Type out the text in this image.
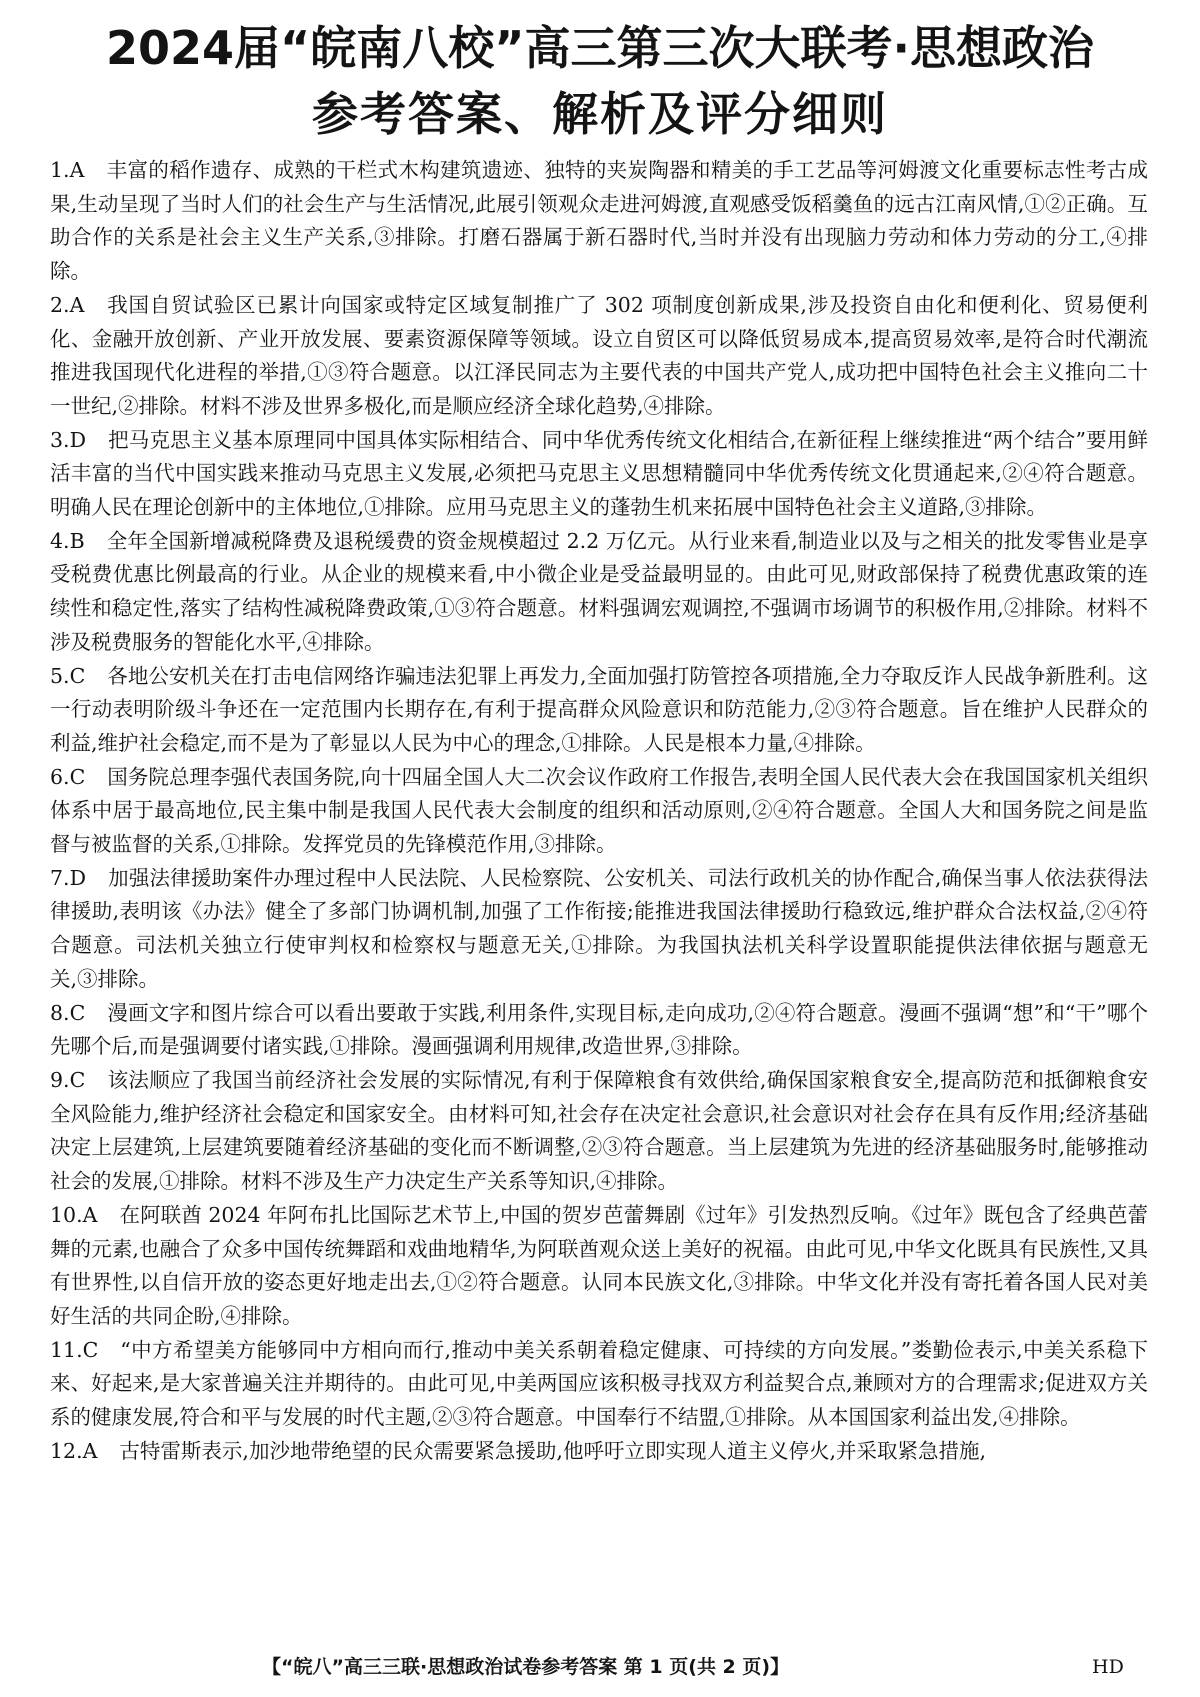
2024届“皖南八校”高三第三次大联考·思想政治
参考答案、解析及评分细则

1.A 丰富的稻作遗存、成熟的干栏式木构建筑遗迹、独特的夹炭陶器和精美的手工艺品等河姆渡文化重要标志性考古成果,生动呈现了当时人们的社会生产与生活情况,此展引领观众走进河姆渡,直观感受饭稻羹鱼的远古江南风情,①②正确。互助合作的关系是社会主义生产关系,③排除。打磨石器属于新石器时代,当时并没有出现脑力劳动和体力劳动的分工,④排除。

2.A 我国自贸试验区已累计向国家或特定区域复制推广了 302 项制度创新成果,涉及投资自由化和便利化、贸易便利化、金融开放创新、产业开放发展、要素资源保障等领域。设立自贸区可以降低贸易成本,提高贸易效率,是符合时代潮流推进我国现代化进程的举措,①③符合题意。以江泽民同志为主要代表的中国共产党人,成功把中国特色社会主义推向二十一世纪,②排除。材料不涉及世界多极化,而是顺应经济全球化趋势,④排除。

3.D 把马克思主义基本原理同中国具体实际相结合、同中华优秀传统文化相结合,在新征程上继续推进“两个结合”要用鲜活丰富的当代中国实践来推动马克思主义发展,必须把马克思主义思想精髓同中华优秀传统文化贯通起来,②④符合题意。明确人民在理论创新中的主体地位,①排除。应用马克思主义的蓬勃生机来拓展中国特色社会主义道路,③排除。

4.B 全年全国新增减税降费及退税缓费的资金规模超过 2.2 万亿元。从行业来看,制造业以及与之相关的批发零售业是享受税费优惠比例最高的行业。从企业的规模来看,中小微企业是受益最明显的。由此可见,财政部保持了税费优惠政策的连续性和稳定性,落实了结构性减税降费政策,①③符合题意。材料强调宏观调控,不强调市场调节的积极作用,②排除。材料不涉及税费服务的智能化水平,④排除。

5.C 各地公安机关在打击电信网络诈骗违法犯罪上再发力,全面加强打防管控各项措施,全力夺取反诈人民战争新胜利。这一行动表明阶级斗争还在一定范围内长期存在,有利于提高群众风险意识和防范能力,②③符合题意。旨在维护人民群众的利益,维护社会稳定,而不是为了彰显以人民为中心的理念,①排除。人民是根本力量,④排除。

6.C 国务院总理李强代表国务院,向十四届全国人大二次会议作政府工作报告,表明全国人民代表大会在我国国家机关组织体系中居于最高地位,民主集中制是我国人民代表大会制度的组织和活动原则,②④符合题意。全国人大和国务院之间是监督与被监督的关系,①排除。发挥党员的先锋模范作用,③排除。

7.D 加强法律援助案件办理过程中人民法院、人民检察院、公安机关、司法行政机关的协作配合,确保当事人依法获得法律援助,表明该《办法》健全了多部门协调机制,加强了工作衔接;能推进我国法律援助行稳致远,维护群众合法权益,②④符合题意。司法机关独立行使审判权和检察权与题意无关,①排除。为我国执法机关科学设置职能提供法律依据与题意无关,③排除。

8.C 漫画文字和图片综合可以看出要敢于实践,利用条件,实现目标,走向成功,②④符合题意。漫画不强调“想”和“干”哪个先哪个后,而是强调要付诸实践,①排除。漫画强调利用规律,改造世界,③排除。

9.C 该法顺应了我国当前经济社会发展的实际情况,有利于保障粮食有效供给,确保国家粮食安全,提高防范和抵御粮食安全风险能力,维护经济社会稳定和国家安全。由材料可知,社会存在决定社会意识,社会意识对社会存在具有反作用;经济基础决定上层建筑,上层建筑要随着经济基础的变化而不断调整,②③符合题意。当上层建筑为先进的经济基础服务时,能够推动社会的发展,①排除。材料不涉及生产力决定生产关系等知识,④排除。

10.A 在阿联酋 2024 年阿布扎比国际艺术节上,中国的贺岁芭蕾舞剧《过年》引发热烈反响。《过年》既包含了经典芭蕾舞的元素,也融合了众多中国传统舞蹈和戏曲地精华,为阿联酋观众送上美好的祝福。由此可见,中华文化既具有民族性,又具有世界性,以自信开放的姿态更好地走出去,①②符合题意。认同本民族文化,③排除。中华文化并没有寄托着各国人民对美好生活的共同企盼,④排除。

11.C “中方希望美方能够同中方相向而行,推动中美关系朝着稳定健康、可持续的方向发展。”娄勤俭表示,中美关系稳下来、好起来,是大家普遍关注并期待的。由此可见,中美两国应该积极寻找双方利益契合点,兼顾对方的合理需求;促进双方关系的健康发展,符合和平与发展的时代主题,②③符合题意。中国奉行不结盟,①排除。从本国国家利益出发,④排除。

12.A 古特雷斯表示,加沙地带绝望的民众需要紧急援助,他呼吁立即实现人道主义停火,并采取紧急措施,

【“皖八”高三三联·思想政治试卷参考答案 第 1 页(共 2 页)】	HD
